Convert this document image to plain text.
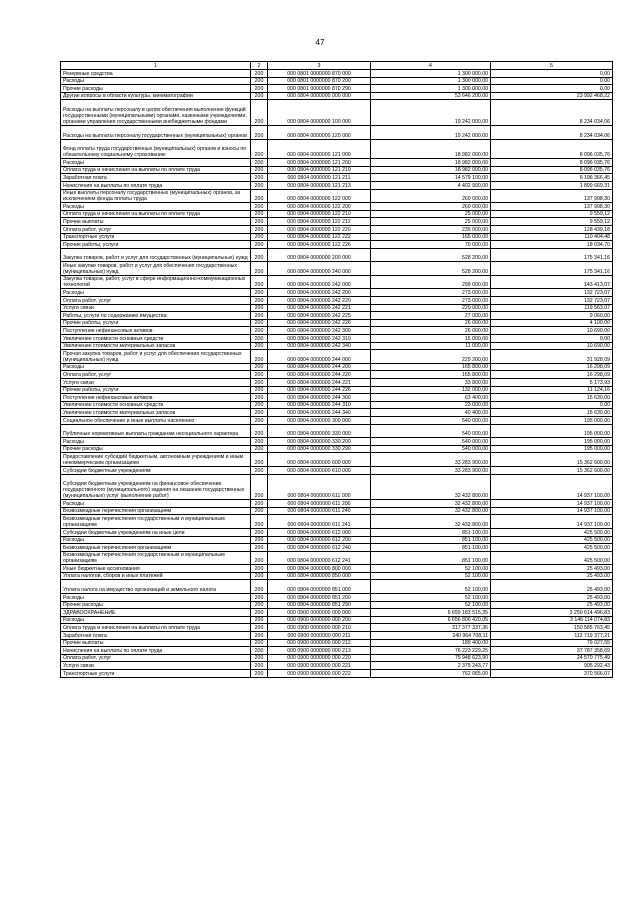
47
1	2	3	4	5
Резервные средства	200	000 0801 0000000 870 000	1 300 000,00	0,00
Расходы	200	000 0801 0000000 870 200	1 300 000,00	0,00
Прочие расходы	200	000 0801 0000000 870 290	1 300 000,00	0,00
Другие вопросы в области культуры, кинематографии	200	000 0804 0000000 000 000	53 646 200,00	23 992 468,22
Расходы на выплаты персоналу в целях обеспечения выполнения функций государственными (муниципальными) органами, казенными учреждениями, органами управления государственными внебюджетными фондами	200	000 0804 0000000 100 000	19 242 000,00	8 234 034,06
Расходы на выплаты персоналу государственных (муниципальных) органов	200	000 0804 0000000 120 000	19 242 000,00	8 234 034,06
Фонд оплаты труда государственных (муниципальных) органов и взносы по обязательному социальному страхованию	200	000 0804 0000000 121 000	18 982 000,00	8 096 035,76
Расходы	200	000 0804 0000000 121 200	18 982 000,00	8 096 035,76
Оплата труда и начисления на выплаты по оплате труда	200	000 0804 0000000 121 210	18 982 000,00	8 096 035,76
Заработная плата	200	000 0804 0000000 121 211	14 579 100,00	6 196 366,45
Начисления на выплаты по оплате труда	200	000 0804 0000000 121 213	4 402 900,00	1 899 669,31
Иные выплаты персоналу государственных (муниципальных) органов, за исключением фонда оплаты труда	200	000 0804 0000000 122 000	260 000,00	137 998,30
Расходы	200	000 0804 0000000 122 200	260 000,00	137 998,30
Оплата труда и начисления на выплаты по оплате труда	200	000 0804 0000000 122 210	25 000,00	9 559,12
Прочие выплаты	200	000 0804 0000000 122 212	25 000,00	9 559,12
Оплата работ, услуг	200	000 0804 0000000 122 220	235 000,00	128 439,18
Транспортные услуги	200	000 0804 0000000 122 222	165 000,00	110 404,48
Прочие работы, услуги	200	000 0804 0000000 122 226	70 000,00	18 034,70
Закупка товаров, работ и услуг для государственных (муниципальных) нужд	200	000 0804 0000000 200 000	528 200,00	175 341,16
Иные закупки товаров, работ и услуг для обеспечения государственных (муниципальных) нужд	200	000 0804 0000000 240 000	528 200,00	175 341,16
Закупка товаров, работ, услуг в сфере информационно-коммуникационных технологий	200	000 0804 0000000 242 000	299 000,00	143 413,07
Расходы	200	000 0804 0000000 242 200	273 000,00	132 723,07
Оплата работ, услуг	200	000 0804 0000000 242 220	273 000,00	132 723,07
Услуги связи	200	000 0804 0000000 242 221	220 000,00	119 563,07
Работы, услуги по содержанию имущества	200	000 0804 0000000 242 225	27 000,00	9 060,00
Прочие работы, услуги	200	000 0804 0000000 242 226	26 000,00	4 100,00
Поступление нефинансовых активов	200	000 0804 0000000 242 300	26 000,00	10 690,00
Увеличение стоимости основных средств	200	000 0804 0000000 242 310	15 000,00	0,00
Увеличение стоимости материальных запасов	200	000 0804 0000000 242 340	11 000,00	10 690,00
Прочая закупка товаров, работ и услуг для обеспечения государственных (муниципальных) нужд	200	000 0804 0000000 244 000	229 200,00	31 928,09
Расходы	200	000 0804 0000000 244 200	165 800,00	16 298,09
Оплата работ, услуг	200	000 0804 0000000 244 220	165 800,00	16 298,09
Услуги связи	200	000 0804 0000000 244 221	33 800,00	5 173,93
Прочие работы, услуги	200	000 0804 0000000 244 226	132 000,00	11 124,16
Поступление нефинансовых активов	200	000 0804 0000000 244 300	63 400,00	15 630,00
Увеличение стоимости основных средств	200	000 0804 0000000 244 310	23 000,00	0,00
Увеличение стоимости материальных запасов	200	000 0804 0000000 244 340	40 400,00	15 630,00
Социальное обеспечение и иные выплаты населению	200	000 0804 0000000 300 000	540 000,00	195 000,00
Публичные нормативные выплаты гражданам несоциального характера	200	000 0804 0000000 330 000	540 000,00	195 000,00
Расходы	200	000 0804 0000000 330 200	540 000,00	195 000,00
Прочие расходы	200	000 0804 0000000 330 290	540 000,00	195 000,00
Предоставление субсидий бюджетным, автономным учреждениям и иным некоммерческим организациям	200	000 0804 0000000 600 000	33 283 900,00	15 362 600,00
Субсидии бюджетным учреждениям	200	000 0804 0000000 610 000	33 283 900,00	15 362 600,00
Субсидии бюджетным учреждениям на финансовое обеспечение государственного (муниципального) задания на оказание государственных (муниципальных) услуг (выполнение работ)	200	000 0804 0000000 611 000	32 432 800,00	14 937 100,00
Расходы	200	000 0804 0000000 611 200	32 432 800,00	14 937 100,00
Безвозмездные перечисления организациям	200	000 0804 0000000 611 240	32 432 800,00	14 937 100,00
Безвозмездные перечисления государственным и муниципальным организациям	200	000 0804 0000000 611 241	32 432 800,00	14 937 100,00
Субсидии бюджетным учреждениям на иные цели	200	000 0804 0000000 612 000	851 100,00	425 500,00
Расходы	200	000 0804 0000000 612 200	851 100,00	425 500,00
Безвозмездные перечисления организациям	200	000 0804 0000000 612 240	851 100,00	425 500,00
Безвозмездные перечисления государственным и муниципальным организациям	200	000 0804 0000000 612 241	851 100,00	425 500,00
Иные бюджетные ассигнования	200	000 0804 0000000 800 000	52 100,00	25 493,00
Уплата налогов, сборов и иных платежей	200	000 0804 0000000 850 000	52 100,00	25 493,00
Уплата налога на имущество организаций и земельного налога	200	000 0804 0000000 851 000	52 100,00	25 493,00
Расходы	200	000 0804 0000000 851 200	52 100,00	25 493,00
Прочие расходы	200	000 0804 0000000 851 290	52 100,00	25 493,00
ЗДРАВООХРАНЕНИЕ	200	000 0900 0000000 000 000	6 659 183 515,35	3 250 614 496,83
Расходы	200	000 0900 0000000 000 200	6 656 806 420,05	3 146 114 074,83
Оплата труда и начисления на выплаты по оплате труда	200	000 0900 0000000 000 210	317 377 337,36	150 585 763,45
Заработная плата	200	000 0900 0000000 000 211	240 964 708,11	112 719 377,21
Прочие выплаты	200	000 0900 0000000 000 212	189 400,00	79 027,55
Начисления на выплаты по оплате труда	200	000 0900 0000000 000 213	76 223 229,25	37 787 358,69
Оплата работ, услуг	200	000 0900 0000000 000 220	75 948 623,90	24 570 775,49
Услуги связи	200	000 0900 0000000 000 221	2 375 243,77	905 292,43
Транспортные услуги	200	000 0900 0000000 000 222	762 065,00	370 566,07
